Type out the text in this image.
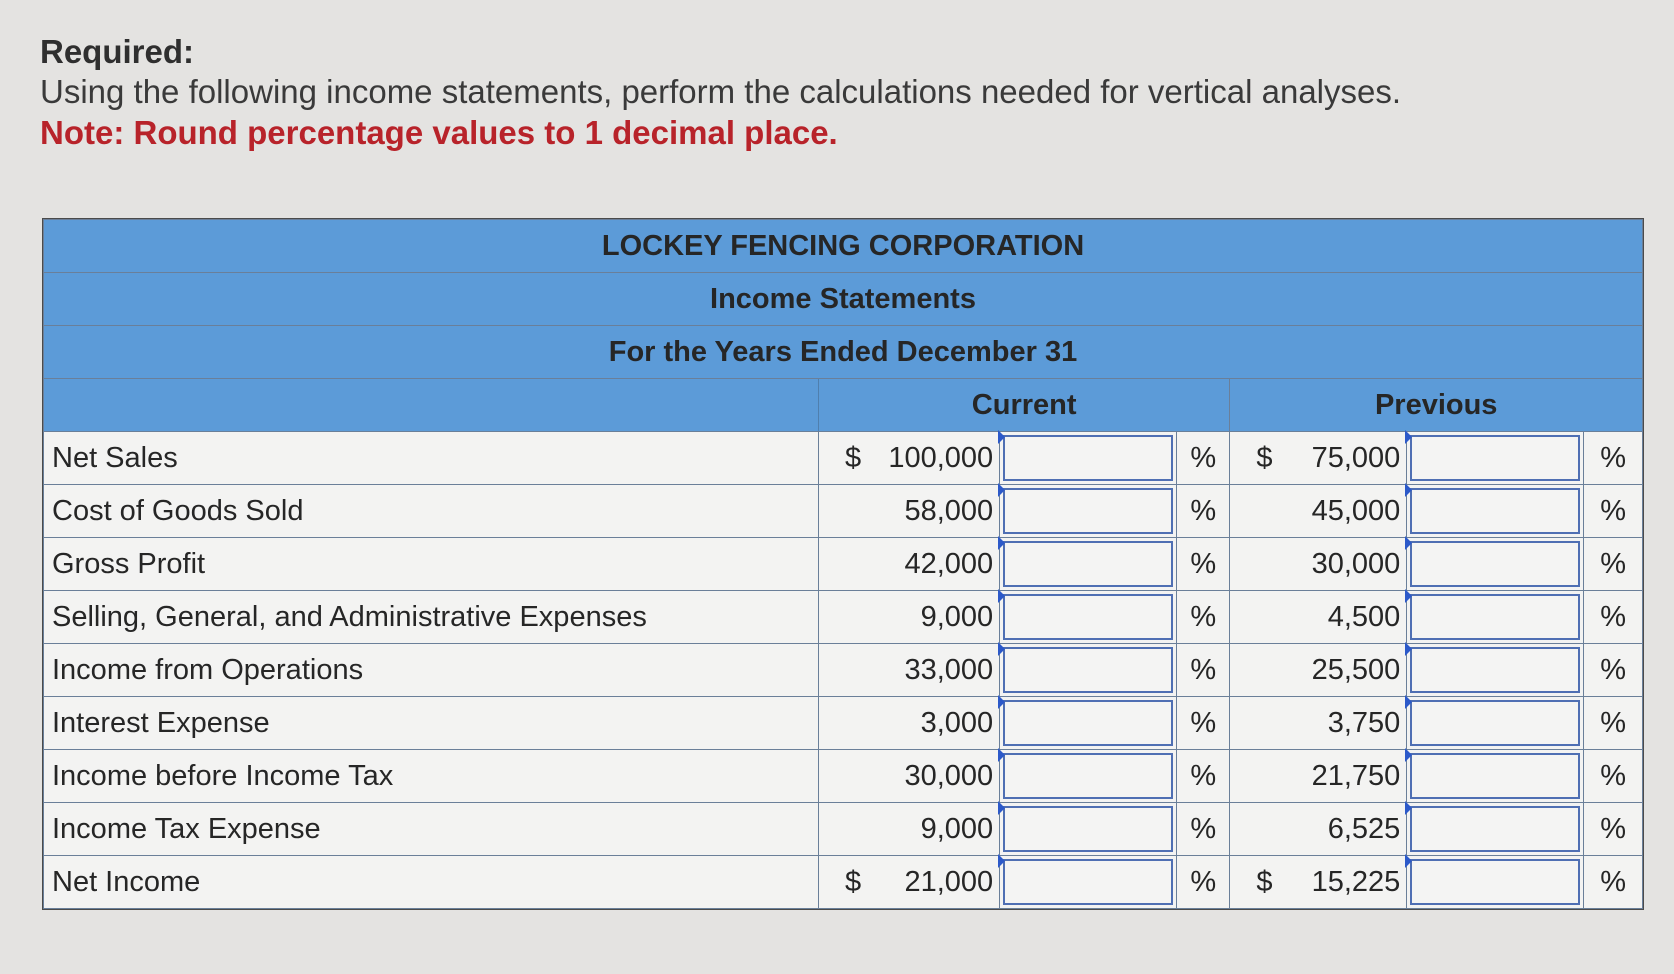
Required:
Using the following income statements, perform the calculations needed for vertical analyses.
Note: Round percentage values to 1 decimal place.
LOCKEY FENCING CORPORATION						
Income Statements						
For the Years Ended December 31						
	Current			Previous		
Net Sales	$ 100,000		%	$ 75,000		%
Cost of Goods Sold	58,000		%	45,000		%
Gross Profit	42,000		%	30,000		%
Selling, General, and Administrative Expenses	9,000		%	4,500		%
Income from Operations	33,000		%	25,500		%
Interest Expense	3,000		%	3,750		%
Income before Income Tax	30,000		%	21,750		%
Income Tax Expense	9,000		%	6,525		%
Net Income	$ 21,000		%	$ 15,225		%
